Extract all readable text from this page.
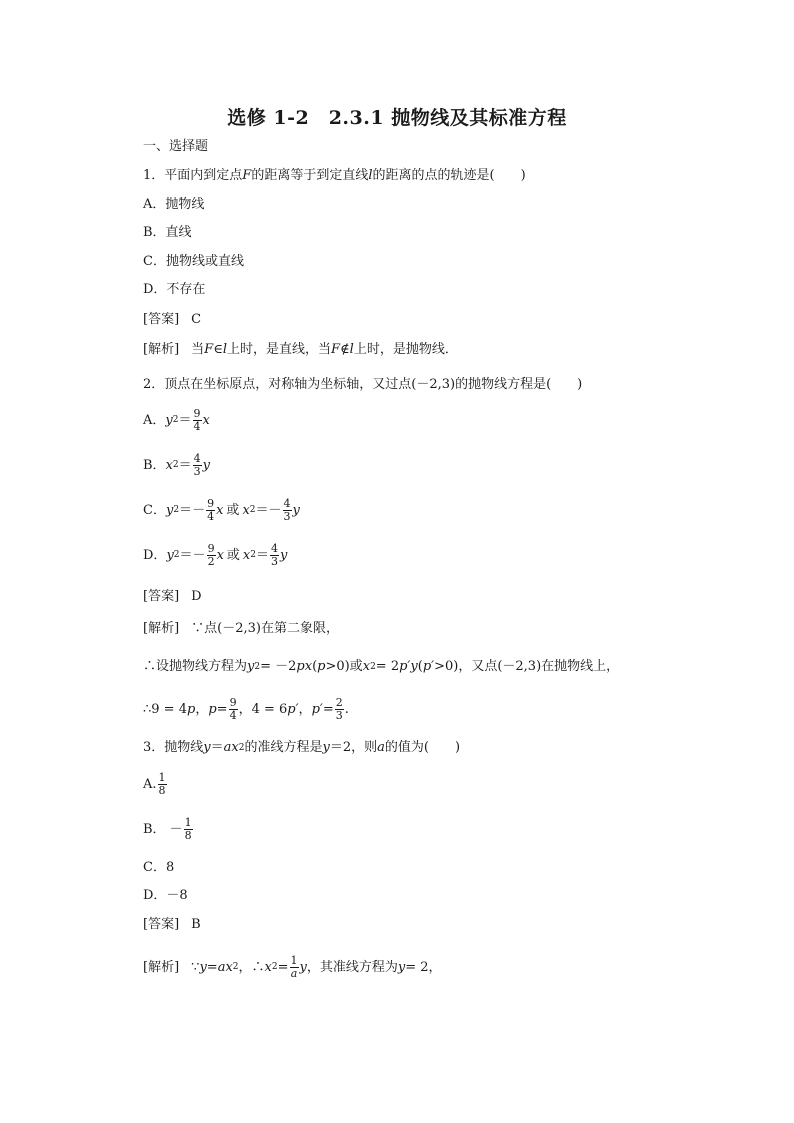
选修 1-2　2.3.1 抛物线及其标准方程
一、选择题
1．平面内到定点 F 的距离等于到定直线 l 的距离的点的轨迹是(　　)
A．抛物线
B．直线
C．抛物线或直线
D．不存在
[答案] C
[解析] 当 F∈l 上时，是直线，当 F∉l 上时，是抛物线．
2．顶点在坐标原点，对称轴为坐标轴，又过点(－2,3)的抛物线方程是(　　)
A． y $2 = \frac{9}{4}$ x
B． x $2 = \frac{4}{3}$ y
C． y 2 ＝ － $\frac{9}{4}$ x 或 x 2 ＝ － $\frac{4}{3}$ y
D． y 2 ＝ － $\frac{9}{2}$ x 或 x $2 = \frac{4}{3}$ y
[答案] D
[解析] ∵点(－2,3)在第二象限，
∴设抛物线方程为 y 2 = －2 px ( p >0)或 x 2 = 2 p′ y ( p′ >0)，又点(－2,3)在抛物线上，
∴9 = 4 p ， $p = \frac{9}{4}$ ，4 = 6 p′ ， $p' = \frac{2}{3}$ .
3．抛物线 y ＝ ax 2 的准线方程是 y ＝2，则 a 的值为(　　)
A. $\frac{1}{8}$
B． － $\frac{1}{8}$
C．8
D．－8
[答案] B
[解析] ∵ y = ax 2 ，∴ x $2 = \frac{1}{a}$ y ，其准线方程为 y = 2，
